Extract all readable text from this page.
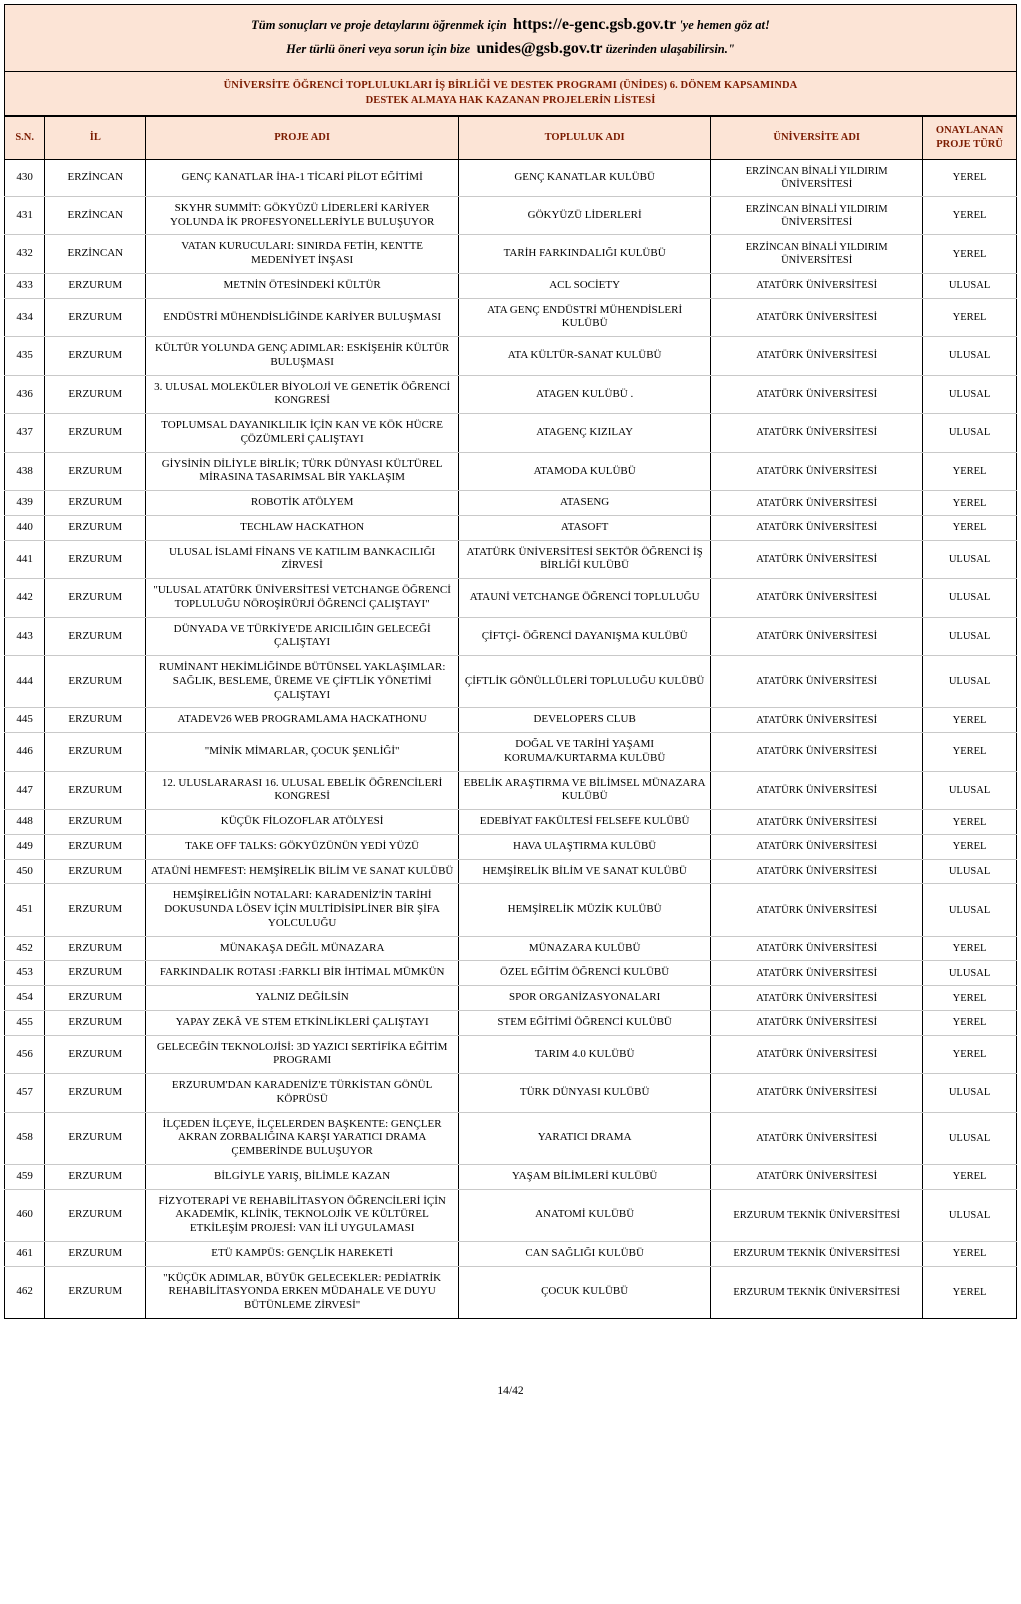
Tüm sonuçları ve proje detaylarını öğrenmek için https://e-genc.gsb.gov.tr 'ye hemen göz at!
Her türlü öneri veya sorun için bize unides@gsb.gov.tr üzerinden ulaşabilirsin."
ÜNİVERSİTE ÖĞRENCİ TOPLULUKLARI İŞ BİRLİĞİ VE DESTEK PROGRAMI (ÜNİDES) 6. DÖNEM KAPSAMINDA
DESTEK ALMAYA HAK KAZANAN PROJELERİN LİSTESİ
S.N.	İL	PROJE ADI	TOPLULUK ADI	ÜNİVERSİTE ADI	ONAYLANAN
PROJE TÜRÜ

430	ERZİNCAN	GENÇ KANATLAR İHA-1 TİCARİ PİLOT EĞİTİMİ	GENÇ KANATLAR KULÜBÜ	ERZİNCAN BİNALİ YILDIRIM ÜNİVERSİTESİ	YEREL
431	ERZİNCAN	SKYHR SUMMİT: GÖKYÜZÜ LİDERLERİ KARİYER YOLUNDA İK PROFESYONELLERİYLE BULUŞUYOR	GÖKYÜZÜ LİDERLERİ	ERZİNCAN BİNALİ YILDIRIM ÜNİVERSİTESİ	YEREL
432	ERZİNCAN	VATAN KURUCULARI: SINIRDA FETİH, KENTTE MEDENİYET İNŞASI	TARİH FARKINDALIĞI KULÜBÜ	ERZİNCAN BİNALİ YILDIRIM ÜNİVERSİTESİ	YEREL
433	ERZURUM	METNİN ÖTESİNDEKİ KÜLTÜR	ACL SOCİETY	ATATÜRK ÜNİVERSİTESİ	ULUSAL
434	ERZURUM	ENDÜSTRİ MÜHENDİSLİĞİNDE KARİYER BULUŞMASI	ATA GENÇ ENDÜSTRİ MÜHENDİSLERİ KULÜBÜ	ATATÜRK ÜNİVERSİTESİ	YEREL
435	ERZURUM	KÜLTÜR YOLUNDA GENÇ ADIMLAR: ESKİŞEHİR KÜLTÜR BULUŞMASI	ATA KÜLTÜR-SANAT KULÜBÜ	ATATÜRK ÜNİVERSİTESİ	ULUSAL
436	ERZURUM	3. ULUSAL MOLEKÜLER BİYOLOJİ VE GENETİK ÖĞRENCİ KONGRESİ	ATAGEN KULÜBÜ .	ATATÜRK ÜNİVERSİTESİ	ULUSAL
437	ERZURUM	TOPLUMSAL DAYANIKLILIK İÇİN KAN VE KÖK HÜCRE ÇÖZÜMLERİ ÇALIŞTAYI	ATAGENÇ KIZILAY	ATATÜRK ÜNİVERSİTESİ	ULUSAL
438	ERZURUM	GİYSİNİN DİLİYLE BİRLİK; TÜRK DÜNYASI KÜLTÜREL MİRASINA TASARIMSAL BİR YAKLAŞIM	ATAMODA KULÜBÜ	ATATÜRK ÜNİVERSİTESİ	YEREL
439	ERZURUM	ROBOTİK ATÖLYEM	ATASENG	ATATÜRK ÜNİVERSİTESİ	YEREL
440	ERZURUM	TECHLAW HACKATHON	ATASOFT	ATATÜRK ÜNİVERSİTESİ	YEREL
441	ERZURUM	ULUSAL İSLAMİ FİNANS VE KATILIM BANKACILIĞI ZİRVESİ	ATATÜRK ÜNİVERSİTESİ SEKTÖR ÖĞRENCİ İŞ BİRLİĞİ KULÜBÜ	ATATÜRK ÜNİVERSİTESİ	ULUSAL
442	ERZURUM	"ULUSAL ATATÜRK ÜNİVERSİTESİ VETCHANGE ÖĞRENCİ TOPLULUĞU NÖROŞİRÜRJİ ÖĞRENCİ ÇALIŞTAYI"	ATAUNİ VETCHANGE ÖĞRENCİ TOPLULUĞU	ATATÜRK ÜNİVERSİTESİ	ULUSAL
443	ERZURUM	DÜNYADA VE TÜRKİYE'DE ARICILIĞIN GELECEĞİ ÇALIŞTAYI	ÇİFTÇİ- ÖĞRENCİ DAYANIŞMA KULÜBÜ	ATATÜRK ÜNİVERSİTESİ	ULUSAL
444	ERZURUM	RUMİNANT HEKİMLİĞİNDE BÜTÜNSEL YAKLAŞIMLAR: SAĞLIK, BESLEME, ÜREME VE ÇİFTLİK YÖNETİMİ ÇALIŞTAYI	ÇİFTLİK GÖNÜLLÜLERİ TOPLULUĞU KULÜBÜ	ATATÜRK ÜNİVERSİTESİ	ULUSAL
445	ERZURUM	ATADEV26 WEB PROGRAMLAMA HACKATHONU	DEVELOPERS CLUB	ATATÜRK ÜNİVERSİTESİ	YEREL
446	ERZURUM	"MİNİK MİMARLAR, ÇOCUK ŞENLİĞİ"	DOĞAL VE TARİHİ YAŞAMI KORUMA/KURTARMA KULÜBÜ	ATATÜRK ÜNİVERSİTESİ	YEREL
447	ERZURUM	12. ULUSLARARASI 16. ULUSAL EBELİK ÖĞRENCİLERİ KONGRESİ	EBELİK ARAŞTIRMA VE BİLİMSEL MÜNAZARA KULÜBÜ	ATATÜRK ÜNİVERSİTESİ	ULUSAL
448	ERZURUM	KÜÇÜK FİLOZOFLAR ATÖLYESİ	EDEBİYAT FAKÜLTESİ FELSEFE KULÜBÜ	ATATÜRK ÜNİVERSİTESİ	YEREL
449	ERZURUM	TAKE OFF TALKS: GÖKYÜZÜNÜN YEDİ YÜZÜ	HAVA ULAŞTIRMA KULÜBÜ	ATATÜRK ÜNİVERSİTESİ	YEREL
450	ERZURUM	ATAÜNİ HEMFEST: HEMŞİRELİK BİLİM VE SANAT KULÜBÜ	HEMŞİRELİK BİLİM VE SANAT KULÜBÜ	ATATÜRK ÜNİVERSİTESİ	ULUSAL
451	ERZURUM	HEMŞİRELİĞİN NOTALARI: KARADENİZ'İN TARİHİ DOKUSUNDA LÖSEV İÇİN MULTİDİSİPLİNER BİR ŞİFA YOLCULUĞU	HEMŞİRELİK MÜZİK KULÜBÜ	ATATÜRK ÜNİVERSİTESİ	ULUSAL
452	ERZURUM	MÜNAKAŞA DEĞİL MÜNAZARA	MÜNAZARA KULÜBÜ	ATATÜRK ÜNİVERSİTESİ	YEREL
453	ERZURUM	FARKINDALIK ROTASI :FARKLI BİR İHTİMAL MÜMKÜN	ÖZEL EĞİTİM ÖĞRENCİ KULÜBÜ	ATATÜRK ÜNİVERSİTESİ	ULUSAL
454	ERZURUM	YALNIZ DEĞİLSİN	SPOR ORGANİZASYONALARI	ATATÜRK ÜNİVERSİTESİ	YEREL
455	ERZURUM	YAPAY ZEKÂ VE STEM ETKİNLİKLERİ ÇALIŞTAYI	STEM EĞİTİMİ ÖĞRENCİ KULÜBÜ	ATATÜRK ÜNİVERSİTESİ	YEREL
456	ERZURUM	GELECEĞİN TEKNOLOJİSİ: 3D YAZICI SERTİFİKA EĞİTİM PROGRAMI	TARIM 4.0 KULÜBÜ	ATATÜRK ÜNİVERSİTESİ	YEREL
457	ERZURUM	ERZURUM'DAN KARADENİZ'E TÜRKİSTAN GÖNÜL KÖPRÜSÜ	TÜRK DÜNYASI KULÜBÜ	ATATÜRK ÜNİVERSİTESİ	ULUSAL
458	ERZURUM	İLÇEDEN İLÇEYE, İLÇELERDEN BAŞKENTE: GENÇLER AKRAN ZORBALIĞINA KARŞI YARATICI DRAMA ÇEMBERİNDE BULUŞUYOR	YARATICI DRAMA	ATATÜRK ÜNİVERSİTESİ	ULUSAL
459	ERZURUM	BİLGİYLE YARIŞ, BİLİMLE KAZAN	YAŞAM BİLİMLERİ KULÜBÜ	ATATÜRK ÜNİVERSİTESİ	YEREL
460	ERZURUM	FİZYOTERAPİ VE REHABİLİTASYON ÖĞRENCİLERİ İÇİN AKADEMİK, KLİNİK, TEKNOLOJİK VE KÜLTÜREL ETKİLEŞİM PROJESİ: VAN İLİ UYGULAMASI	ANATOMİ KULÜBÜ	ERZURUM TEKNİK ÜNİVERSİTESİ	ULUSAL
461	ERZURUM	ETÜ KAMPÜS: GENÇLİK HAREKETİ	CAN SAĞLIĞI KULÜBÜ	ERZURUM TEKNİK ÜNİVERSİTESİ	YEREL
462	ERZURUM	"KÜÇÜK ADIMLAR, BÜYÜK GELECEKLER: PEDİATRİK REHABİLİTASYONDA ERKEN MÜDAHALE VE DUYU BÜTÜNLEME ZİRVESİ"	ÇOCUK KULÜBÜ	ERZURUM TEKNİK ÜNİVERSİTESİ	YEREL
14/42
